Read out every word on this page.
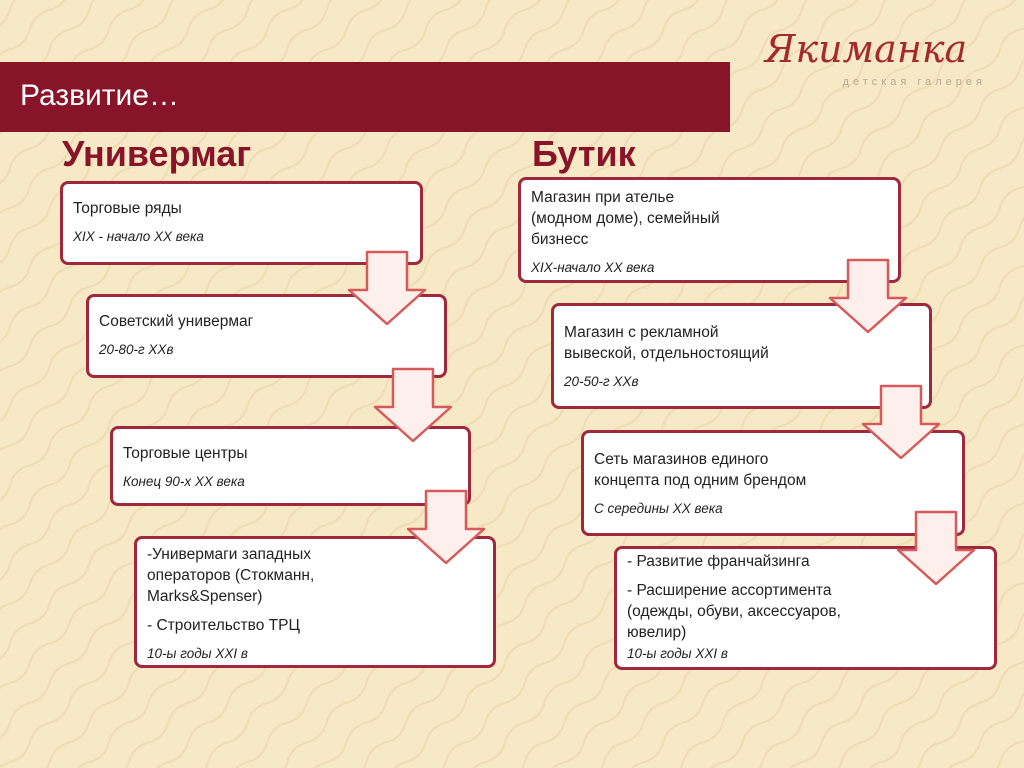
Развитие…
Якиманка
детская галерея
Универмаг	Бутик
Торговые ряды
XIX - начало XX века
Советский универмаг
20-80-г XXв
Торговые центры
Конец 90-х XX века
-Универмаги западных
операторов (Стокманн,
Marks&Spenser)
- Строительство ТРЦ
10-ы годы XXI в
Магазин при ателье
(модном доме), семейный
бизнесс
XIX-начало XX века
Магазин с рекламной
вывеской, отдельностоящий
20-50-г XXв
Сеть магазинов единого
концепта под одним брендом
С середины XX века
- Развитие франчайзинга
- Расширение ассортимента
(одежды, обуви, аксессуаров,
ювелир)
10-ы годы XXI в
